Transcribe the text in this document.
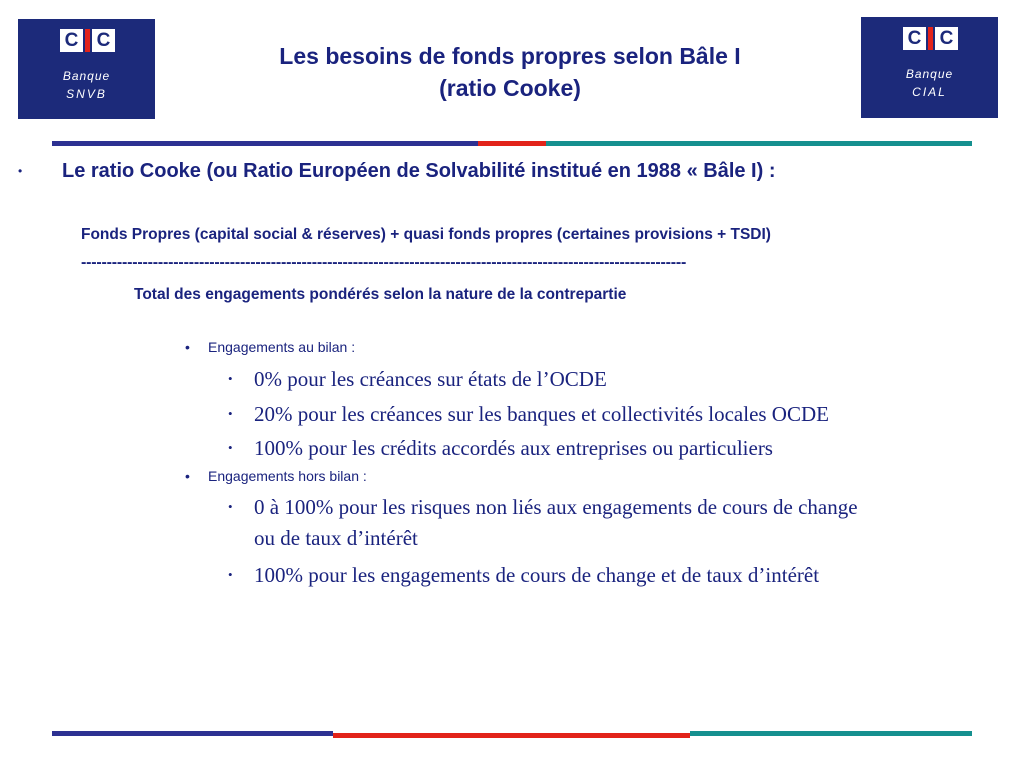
C C
Banque
SNVB
C C
Banque
CIAL
Les besoins de fonds propres selon Bâle I
(ratio Cooke)
• Le ratio Cooke (ou Ratio Européen de Solvabilité institué en 1988 « Bâle I) :
Fonds Propres (capital social & réserves) + quasi fonds propres (certaines provisions + TSDI)
----------------------------------------------------------------------------------------------------------------------
Total des engagements pondérés selon la nature de la contrepartie
• Engagements au bilan :
• 0% pour les créances sur états de l’OCDE
• 20% pour les créances sur les banques et collectivités locales OCDE
• 100% pour les crédits accordés aux entreprises ou particuliers
• Engagements hors bilan :
• 0 à 100% pour les risques non liés aux engagements de cours de change
ou de taux d’intérêt
• 100% pour les engagements de cours de change et de taux d’intérêt
